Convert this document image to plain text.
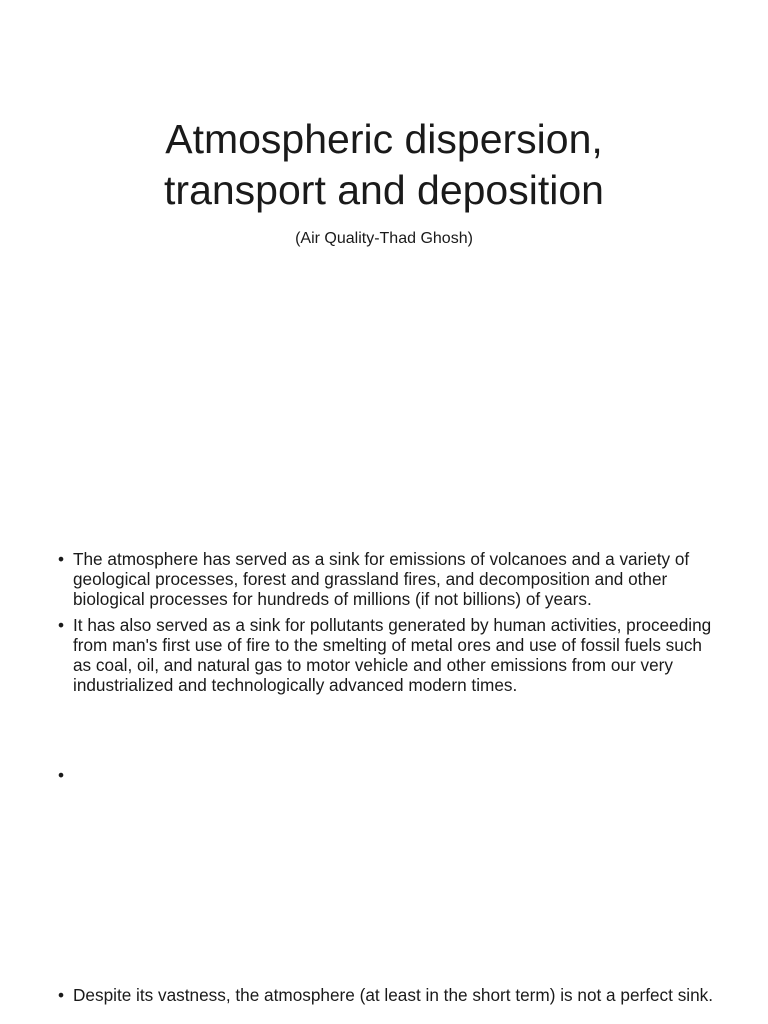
Atmospheric dispersion,
transport and deposition

(Air Quality-Thad Ghosh)

• The atmosphere has served as a sink for emissions of volcanoes and a variety of geological processes, forest and grassland fires, and decomposition and other biological processes for hundreds of millions (if not billions) of years.
• It has also served as a sink for pollutants generated by human activities, proceeding from man's first use of fire to the smelting of metal ores and use of fossil fuels such as coal, oil, and natural gas to motor vehicle and other emissions from our very industrialized and technologically advanced modern times.
•
• Despite its vastness, the atmosphere (at least in the short term) is not a perfect sink.
